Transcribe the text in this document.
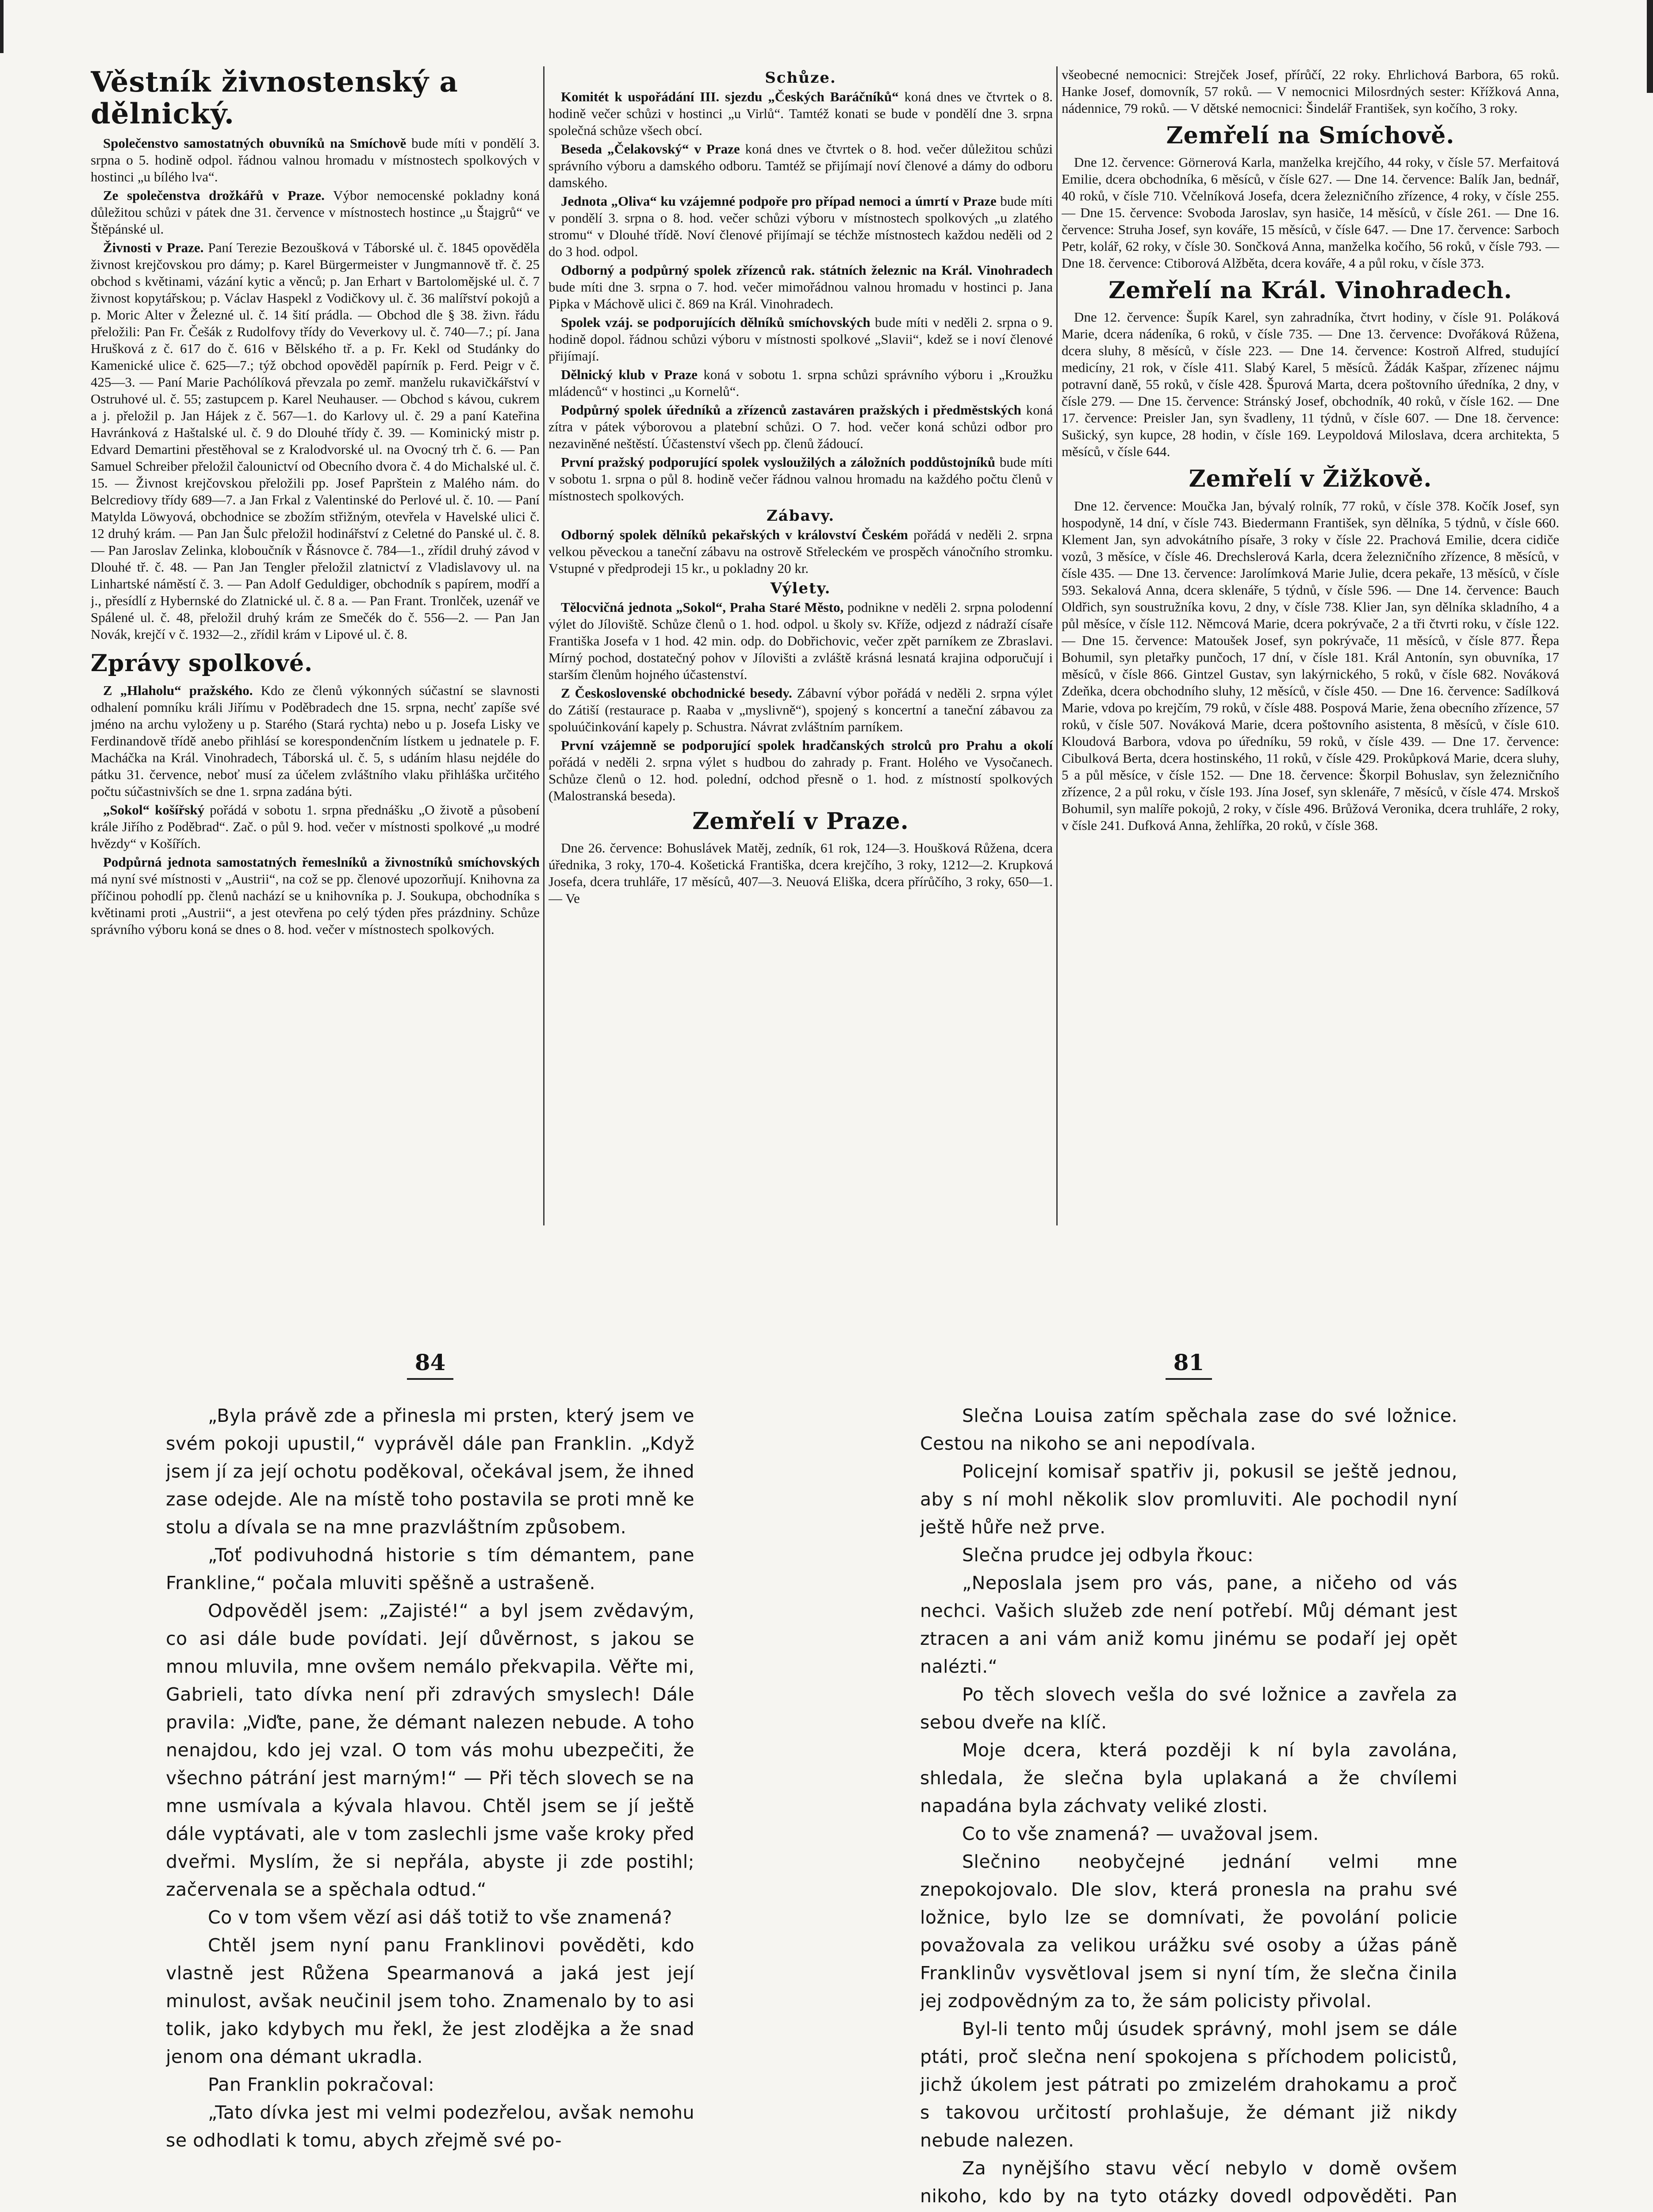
Věstník živnostenský a dělnický.

Společenstvo samostatných obuvníků na Smíchově bude míti v pondělí 3. srpna o 5. hodině odpol. řádnou valnou hromadu v místnostech spolkových v hostinci „u bílého lva“.

Ze společenstva drožkářů v Praze. Výbor nemocenské pokladny koná důležitou schůzi v pátek dne 31. července v místnostech hostince „u Štajgrů“ ve Štěpánské ul.

Živnosti v Praze. Paní Terezie Bezoušková v Táborské ul. č. 1845 opověděla živnost krejčovskou pro dámy; p. Karel Bürgermeister v Jungmannově tř. č. 25 obchod s květinami, vázání kytic a věnců; p. Jan Erhart v Bartolomějské ul. č. 7 živnost kopytářskou; p. Václav Haspekl z Vodičkovy ul. č. 36 malířství pokojů a p. Moric Alter v Železné ul. č. 14 šití prádla. — Obchod dle § 38. živn. řádu přeložili: Pan Fr. Češák z Rudolfovy třídy do Veverkovy ul. č. 740—7.; pí. Jana Hrušková z č. 617 do č. 616 v Bělského tř. a p. Fr. Kekl od Studánky do Kamenické ulice č. 625—7.; týž obchod opověděl papírník p. Ferd. Peigr v č. 425—3. — Paní Marie Pachólíková převzala po zemř. manželu rukavičkářství v Ostruhové ul. č. 55; zastupcem p. Karel Neuhauser. — Obchod s kávou, cukrem a j. přeložil p. Jan Hájek z č. 567—1. do Karlovy ul. č. 29 a paní Kateřina Havránková z Haštalské ul. č. 9 do Dlouhé třídy č. 39. — Kominický mistr p. Edvard Demartini přestěhoval se z Kralodvorské ul. na Ovocný trh č. 6. — Pan Samuel Schreiber přeložil čalounictví od Obecního dvora č. 4 do Michalské ul. č. 15. — Živnost krejčovskou přeložili pp. Josef Paprštein z Malého nám. do Belcrediovy třídy 689—7. a Jan Frkal z Valentinské do Perlové ul. č. 10. — Paní Matylda Löwyová, obchodnice se zbožím střižným, otevřela v Havelské ulici č. 12 druhý krám. — Pan Jan Šulc přeložil hodinářství z Celetné do Panské ul. č. 8. — Pan Jaroslav Zelinka, kloboučník v Řásnovce č. 784—1., zřídil druhý závod v Dlouhé tř. č. 48. — Pan Jan Tengler přeložil zlatnictví z Vladislavovy ul. na Linhartské náměstí č. 3. — Pan Adolf Geduldiger, obchodník s papírem, modří a j., přesídlí z Hybernské do Zlatnické ul. č. 8 a. — Pan Frant. Tronlček, uzenář ve Spálené ul. č. 48, přeložil druhý krám ze Smečék do č. 556—2. — Pan Jan Novák, krejčí v č. 1932—2., zřídil krám v Lipové ul. č. 8.

Zprávy spolkové.

Z „Hlaholu“ pražského. Kdo ze členů výkonných súčastní se slavnosti odhalení pomníku králi Jiřímu v Poděbradech dne 15. srpna, nechť zapíše své jméno na archu vyloženy u p. Starého (Stará rychta) nebo u p. Josefa Lisky ve Ferdinandově třídě anebo přihlásí se korespondenčním lístkem u jednatele p. F. Macháčka na Král. Vinohradech, Táborská ul. č. 5, s udáním hlasu nejdéle do pátku 31. července, neboť musí za účelem zvláštního vlaku přihláška určitého počtu súčastnivších se dne 1. srpna zadána býti.

„Sokol“ košířský pořádá v sobotu 1. srpna přednášku „O životě a působení krále Jiřího z Poděbrad“. Zač. o půl 9. hod. večer v místnosti spolkové „u modré hvězdy“ v Košířích.

Podpůrná jednota samostatných řemeslníků a živnostníků smíchovských má nyní své místnosti v „Austrii“, na což se pp. členové upozorňují. Knihovna za příčinou pohodlí pp. členů nachází se u knihovníka p. J. Soukupa, obchodníka s květinami proti „Austrii“, a jest otevřena po celý týden přes prázdniny. Schůze správního výboru koná se dnes o 8. hod. večer v místnostech spolkových.

Schůze.

Komitét k uspořádání III. sjezdu „Českých Baráčníků“ koná dnes ve čtvrtek o 8. hodině večer schůzi v hostinci „u Virlů“. Tamtéž konati se bude v pondělí dne 3. srpna společná schůze všech obcí.

Beseda „Čelakovský“ v Praze koná dnes ve čtvrtek o 8. hod. večer důležitou schůzi správního výboru a damského odboru. Tamtéž se přijímají noví členové a dámy do odboru damského.

Jednota „Oliva“ ku vzájemné podpoře pro případ nemoci a úmrtí v Praze bude míti v pondělí 3. srpna o 8. hod. večer schůzi výboru v místnostech spolkových „u zlatého stromu“ v Dlouhé třídě. Noví členové přijímají se téchže místnostech každou neděli od 2 do 3 hod. odpol.

Odborný a podpůrný spolek zřízenců rak. státních železnic na Král. Vinohradech bude míti dne 3. srpna o 7. hod. večer mimořádnou valnou hromadu v hostinci p. Jana Pipka v Máchově ulici č. 869 na Král. Vinohradech.

Spolek vzáj. se podporujících dělníků smíchovských bude míti v neděli 2. srpna o 9. hodině dopol. řádnou schůzi výboru v místnosti spolkové „Slavii“, kdež se i noví členové přijímají.

Dělnický klub v Praze koná v sobotu 1. srpna schůzi správního výboru i „Kroužku mládenců“ v hostinci „u Kornelů“.

Podpůrný spolek úředníků a zřízenců zastaváren pražských i předměstských koná zítra v pátek výborovou a platební schůzi. O 7. hod. večer koná schůzi odbor pro nezaviněné neštěstí. Účastenství všech pp. členů žádoucí.

První pražský podporující spolek vysloužilých a záložních poddůstojníků bude míti v sobotu 1. srpna o půl 8. hodině večer řádnou valnou hromadu na každého počtu členů v místnostech spolkových.

Zábavy.

Odborný spolek dělníků pekařských v království Českém pořádá v neděli 2. srpna velkou pěveckou a taneční zábavu na ostrově Střeleckém ve prospěch vánočního stromku. Vstupné v předprodeji 15 kr., u pokladny 20 kr.

Výlety.

Tělocvičná jednota „Sokol“, Praha Staré Město, podnikne v neděli 2. srpna polodenní výlet do Jíloviště. Schůze členů o 1. hod. odpol. u školy sv. Kříže, odjezd z nádraží císaře Františka Josefa v 1 hod. 42 min. odp. do Dobřichovic, večer zpět parníkem ze Zbraslavi. Mírný pochod, dostatečný pohov v Jílovišti a zvláště krásná lesnatá krajina odporučují i starším členům hojného účastenství.

Z Československé obchodnické besedy. Zábavní výbor pořádá v neděli 2. srpna výlet do Zátiší (restaurace p. Raaba v „myslivně“), spojený s koncertní a taneční zábavou za spoluúčinkování kapely p. Schustra. Návrat zvláštním parníkem.

První vzájemně se podporující spolek hradčanských strolců pro Prahu a okolí pořádá v neděli 2. srpna výlet s hudbou do zahrady p. Frant. Holého ve Vysočanech. Schůze členů o 12. hod. polední, odchod přesně o 1. hod. z místností spolkových (Malostranská beseda).

Zemřelí v Praze.

Dne 26. července: Bohuslávek Matěj, zedník, 61 rok, 124—3. Houšková Růžena, dcera úřednika, 3 roky, 170-4. Košetická Františka, dcera krejčího, 3 roky, 1212—2. Krupková Josefa, dcera truhláře, 17 měsíců, 407—3. Neuová Eliška, dcera přírůčího, 3 roky, 650—1. — Ve

všeobecné nemocnici: Strejček Josef, přírůčí, 22 roky. Ehrlichová Barbora, 65 roků. Hanke Josef, domovník, 57 roků. — V nemocnici Milosrdných sester: Křížková Anna, nádennice, 79 roků. — V dětské nemocnici: Šindelář František, syn kočího, 3 roky.

Zemřelí na Smíchově.

Dne 12. července: Görnerová Karla, manželka krejčího, 44 roky, v čísle 57. Merfaitová Emilie, dcera obchodníka, 6 měsíců, v čísle 627. — Dne 14. července: Balík Jan, bednář, 40 roků, v čísle 710. Včelníková Josefa, dcera železničního zřízence, 4 roky, v čísle 255. — Dne 15. července: Svoboda Jaroslav, syn hasiče, 14 měsíců, v čísle 261. — Dne 16. července: Struha Josef, syn kováře, 15 měsíců, v čísle 647. — Dne 17. července: Sarboch Petr, kolář, 62 roky, v čísle 30. Sončková Anna, manželka kočího, 56 roků, v čísle 793. — Dne 18. července: Ctiborová Alžběta, dcera kováře, 4 a půl roku, v čísle 373.

Zemřelí na Král. Vinohradech.

Dne 12. července: Šupík Karel, syn zahradníka, čtvrt hodiny, v čísle 91. Poláková Marie, dcera nádeníka, 6 roků, v čísle 735. — Dne 13. července: Dvořáková Růžena, dcera sluhy, 8 měsíců, v čísle 223. — Dne 14. července: Kostroň Alfred, studující medicíny, 21 rok, v čísle 411. Slabý Karel, 5 měsíců. Žádák Kašpar, zřízenec nájmu potravní daně, 55 roků, v čísle 428. Špurová Marta, dcera poštovního úředníka, 2 dny, v čísle 279. — Dne 15. července: Stránský Josef, obchodník, 40 roků, v čísle 162. — Dne 17. července: Preisler Jan, syn švadleny, 11 týdnů, v čísle 607. — Dne 18. července: Sušický, syn kupce, 28 hodin, v čísle 169. Leypoldová Miloslava, dcera architekta, 5 měsíců, v čísle 644.

Zemřelí v Žižkově.

Dne 12. července: Moučka Jan, bývalý rolník, 77 roků, v čísle 378. Kočík Josef, syn hospodyně, 14 dní, v čísle 743. Biedermann František, syn dělníka, 5 týdnů, v čísle 660. Klement Jan, syn advokátního písaře, 3 roky v čísle 22. Prachová Emilie, dcera cidiče vozů, 3 měsíce, v čísle 46. Drechslerová Karla, dcera železničního zřízence, 8 měsíců, v čísle 435. — Dne 13. července: Jarolímková Marie Julie, dcera pekaře, 13 měsíců, v čísle 593. Sekalová Anna, dcera sklenáře, 5 týdnů, v čísle 596. — Dne 14. července: Bauch Oldřich, syn soustružníka kovu, 2 dny, v čísle 738. Klier Jan, syn dělníka skladního, 4 a půl měsíce, v čísle 112. Němcová Marie, dcera pokrývače, 2 a tři čtvrti roku, v čísle 122. — Dne 15. července: Matoušek Josef, syn pokrývače, 11 měsíců, v čísle 877. Řepa Bohumil, syn pletařky punčoch, 17 dní, v čísle 181. Král Antonín, syn obuvníka, 17 měsíců, v čísle 866. Gintzel Gustav, syn lakýrnického, 5 roků, v čísle 682. Nováková Zdeňka, dcera obchodního sluhy, 12 měsíců, v čísle 450. — Dne 16. července: Sadílková Marie, vdova po krejčím, 79 roků, v čísle 488. Pospová Marie, žena obecního zřízence, 57 roků, v čísle 507. Nováková Marie, dcera poštovního asistenta, 8 měsíců, v čísle 610. Kloudová Barbora, vdova po úředníku, 59 roků, v čísle 439. — Dne 17. července: Cibulková Berta, dcera hostinského, 11 roků, v čísle 429. Prokůpková Marie, dcera sluhy, 5 a půl měsíce, v čísle 152. — Dne 18. července: Škorpil Bohuslav, syn železničního zřízence, 2 a půl roku, v čísle 193. Jína Josef, syn sklenáře, 7 měsíců, v čísle 474. Mrskoš Bohumil, syn malíře pokojů, 2 roky, v čísle 496. Brůžová Veronika, dcera truhláře, 2 roky, v čísle 241. Dufková Anna, žehlířka, 20 roků, v čísle 368.

84

„Byla právě zde a přinesla mi prsten, který jsem ve svém pokoji upustil,“ vyprávěl dále pan Franklin. „Když jsem jí za její ochotu poděkoval, očekával jsem, že ihned zase odejde. Ale na místě toho postavila se proti mně ke stolu a dívala se na mne prazvláštním způsobem.

„Toť podivuhodná historie s tím démantem, pane Frankline,“ počala mluviti spěšně a ustrašeně.

Odpověděl jsem: „Zajisté!“ a byl jsem zvědavým, co asi dále bude povídati. Její důvěrnost, s jakou se mnou mluvila, mne ovšem nemálo překvapila. Věřte mi, Gabrieli, tato dívka není při zdravých smyslech! Dále pravila: „Viďte, pane, že démant nalezen nebude. A toho nenajdou, kdo jej vzal. O tom vás mohu ubezpečiti, že všechno pátrání jest marným!“ — Při těch slovech se na mne usmívala a kývala hlavou. Chtěl jsem se jí ještě dále vyptávati, ale v tom zaslechli jsme vaše kroky před dveřmi. Myslím, že si nepřála, abyste ji zde postihl; začervenala se a spěchala odtud.“

Co v tom všem vězí asi dáš totiž to vše znamená?

Chtěl jsem nyní panu Franklinovi pověděti, kdo vlastně jest Růžena Spearmanová a jaká jest její minulost, avšak neučinil jsem toho. Znamenalo by to asi tolik, jako kdybych mu řekl, že jest zlodějka a že snad jenom ona démant ukradla.

Pan Franklin pokračoval:

„Tato dívka jest mi velmi podezřelou, avšak nemohu se odhodlati k tomu, abych zřejmě své po-

81

Slečna Louisa zatím spěchala zase do své ložnice. Cestou na nikoho se ani nepodívala.

Policejní komisař spatřiv ji, pokusil se ještě jednou, aby s ní mohl několik slov promluviti. Ale pochodil nyní ještě hůře než prve.

Slečna prudce jej odbyla řkouc:

„Neposlala jsem pro vás, pane, a ničeho od vás nechci. Vašich služeb zde není potřebí. Můj démant jest ztracen a ani vám aniž komu jinému se podaří jej opět nalézti.“

Po těch slovech vešla do své ložnice a zavřela za sebou dveře na klíč.

Moje dcera, která později k ní byla zavolána, shledala, že slečna byla uplakaná a že chvílemi napadána byla záchvaty veliké zlosti.

Co to vše znamená? — uvažoval jsem.

Slečnino neobyčejné jednání velmi mne znepokojovalo. Dle slov, která pronesla na prahu své ložnice, bylo lze se domnívati, že povolání policie považovala za velikou urážku své osoby a úžas páně Franklinův vysvětloval jsem si nyní tím, že slečna činila jej zodpovědným za to, že sám policisty přivolal.

Byl-li tento můj úsudek správný, mohl jsem se dále ptáti, proč slečna není spokojena s příchodem policistů, jichž úkolem jest pátrati po zmizelém drahokamu a proč s takovou určitostí prohlašuje, že démant již nikdy nebude nalezen.

Za nynějšího stavu věcí nebylo v domě ovšem nikoho, kdo by na tyto otázky dovedl odpověděti. Pan
